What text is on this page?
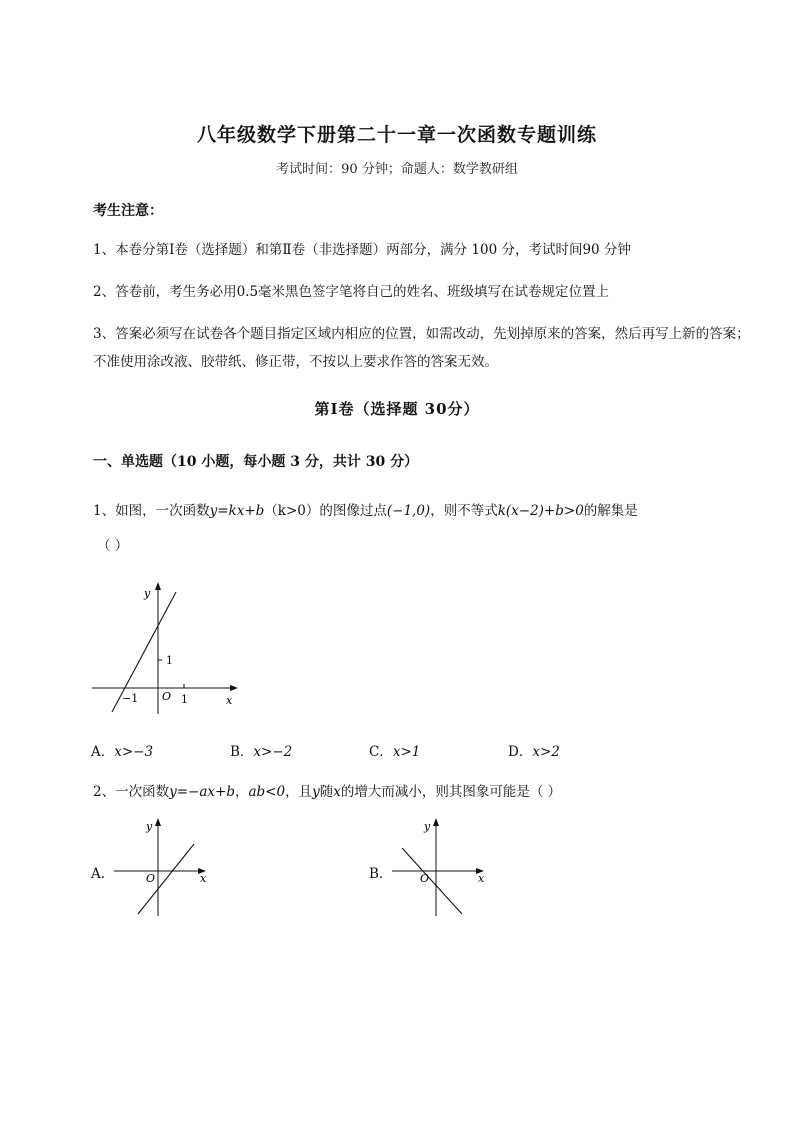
八年级数学下册第二十一章一次函数专题训练
考试时间：90 分钟；命题人：数学教研组
考生注意：
1、本卷分第Ⅰ卷（选择题）和第Ⅱ卷（非选择题）两部分，满分 100 分，考试时间90 分钟
2、答卷前，考生务必用0.5毫米黑色签字笔将自己的姓名、班级填写在试卷规定位置上
3、答案必须写在试卷各个题目指定区域内相应的位置，如需改动，先划掉原来的答案，然后再写上新的答案；不准使用涂改液、胶带纸、修正带，不按以上要求作答的答案无效。
第Ⅰ卷（选择题 30分）
一、单选题（10 小题，每小题 3 分，共计 30 分）
1、如图，一次函数y=kx+b（k>0）的图像过点(−1,0)，则不等式k(x−2)+b>0的解集是
（ ）
y
x
O
−1	1
1
A．x>−3	B．x>−2	C．x>1	D．x>2
2、一次函数y=−ax+b，ab<0，且y随x的增大而减小，则其图象可能是（ ）
A．
y
x
O	B．
y
x
O
